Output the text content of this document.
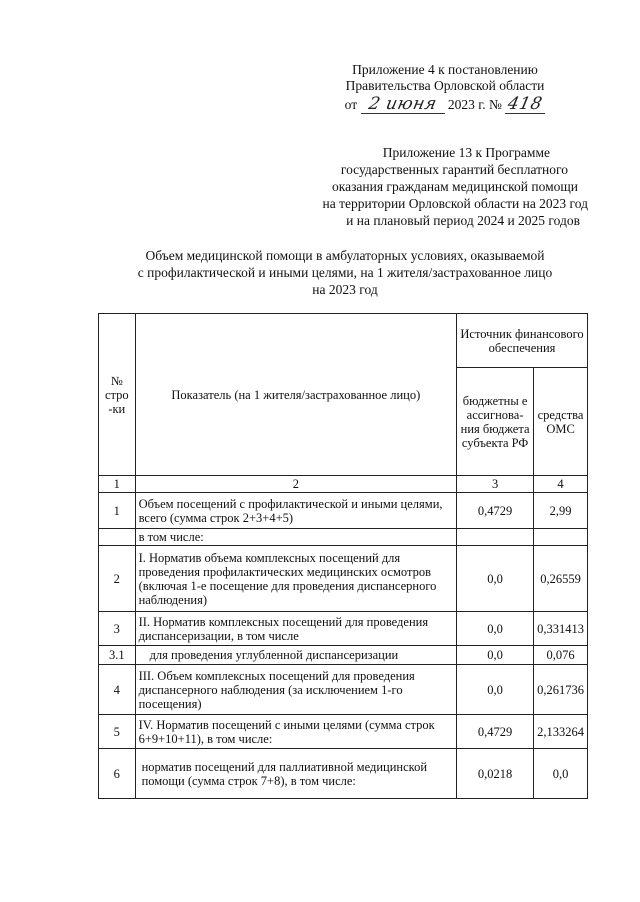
Приложение 4 к постановлению
Правительства Орловской области
от 2 июня 2023 г. № 418
Приложение 13 к Программе
государственных гарантий бесплатного
оказания гражданам медицинской помощи
на территории Орловской области на 2023 год
и на плановый период 2024 и 2025 годов
Объем медицинской помощи в амбулаторных условиях, оказываемой
с профилактической и иными целями, на 1 жителя/застрахованное лицо
на 2023 год
№ стро -ки	Показатель (на 1 жителя/застрахованное лицо)	Источник финансового обеспечения	
		бюджетны е ассигнова- ния бюджета субъекта РФ	средства ОМС
1	2	3	4
1	Объем посещений с профилактической и иными целями, всего (сумма строк 2+3+4+5)	0,4729	2,99
	в том числе:		
2	I. Норматив объема комплексных посещений для проведения профилактических медицинских осмотров (включая 1-е посещение для проведения диспансерного наблюдения)	0,0	0,26559
3	II. Норматив комплексных посещений для проведения диспансеризации, в том числе	0,0	0,331413
3.1	для проведения углубленной диспансеризации	0,0	0,076
4	III. Объем комплексных посещений для проведения диспансерного наблюдения (за исключением 1-го посещения)	0,0	0,261736
5	IV. Норматив посещений с иными целями (сумма строк 6+9+10+11), в том числе:	0,4729	2,133264
6	норматив посещений для паллиативной медицинской помощи (сумма строк 7+8), в том числе:	0,0218	0,0
